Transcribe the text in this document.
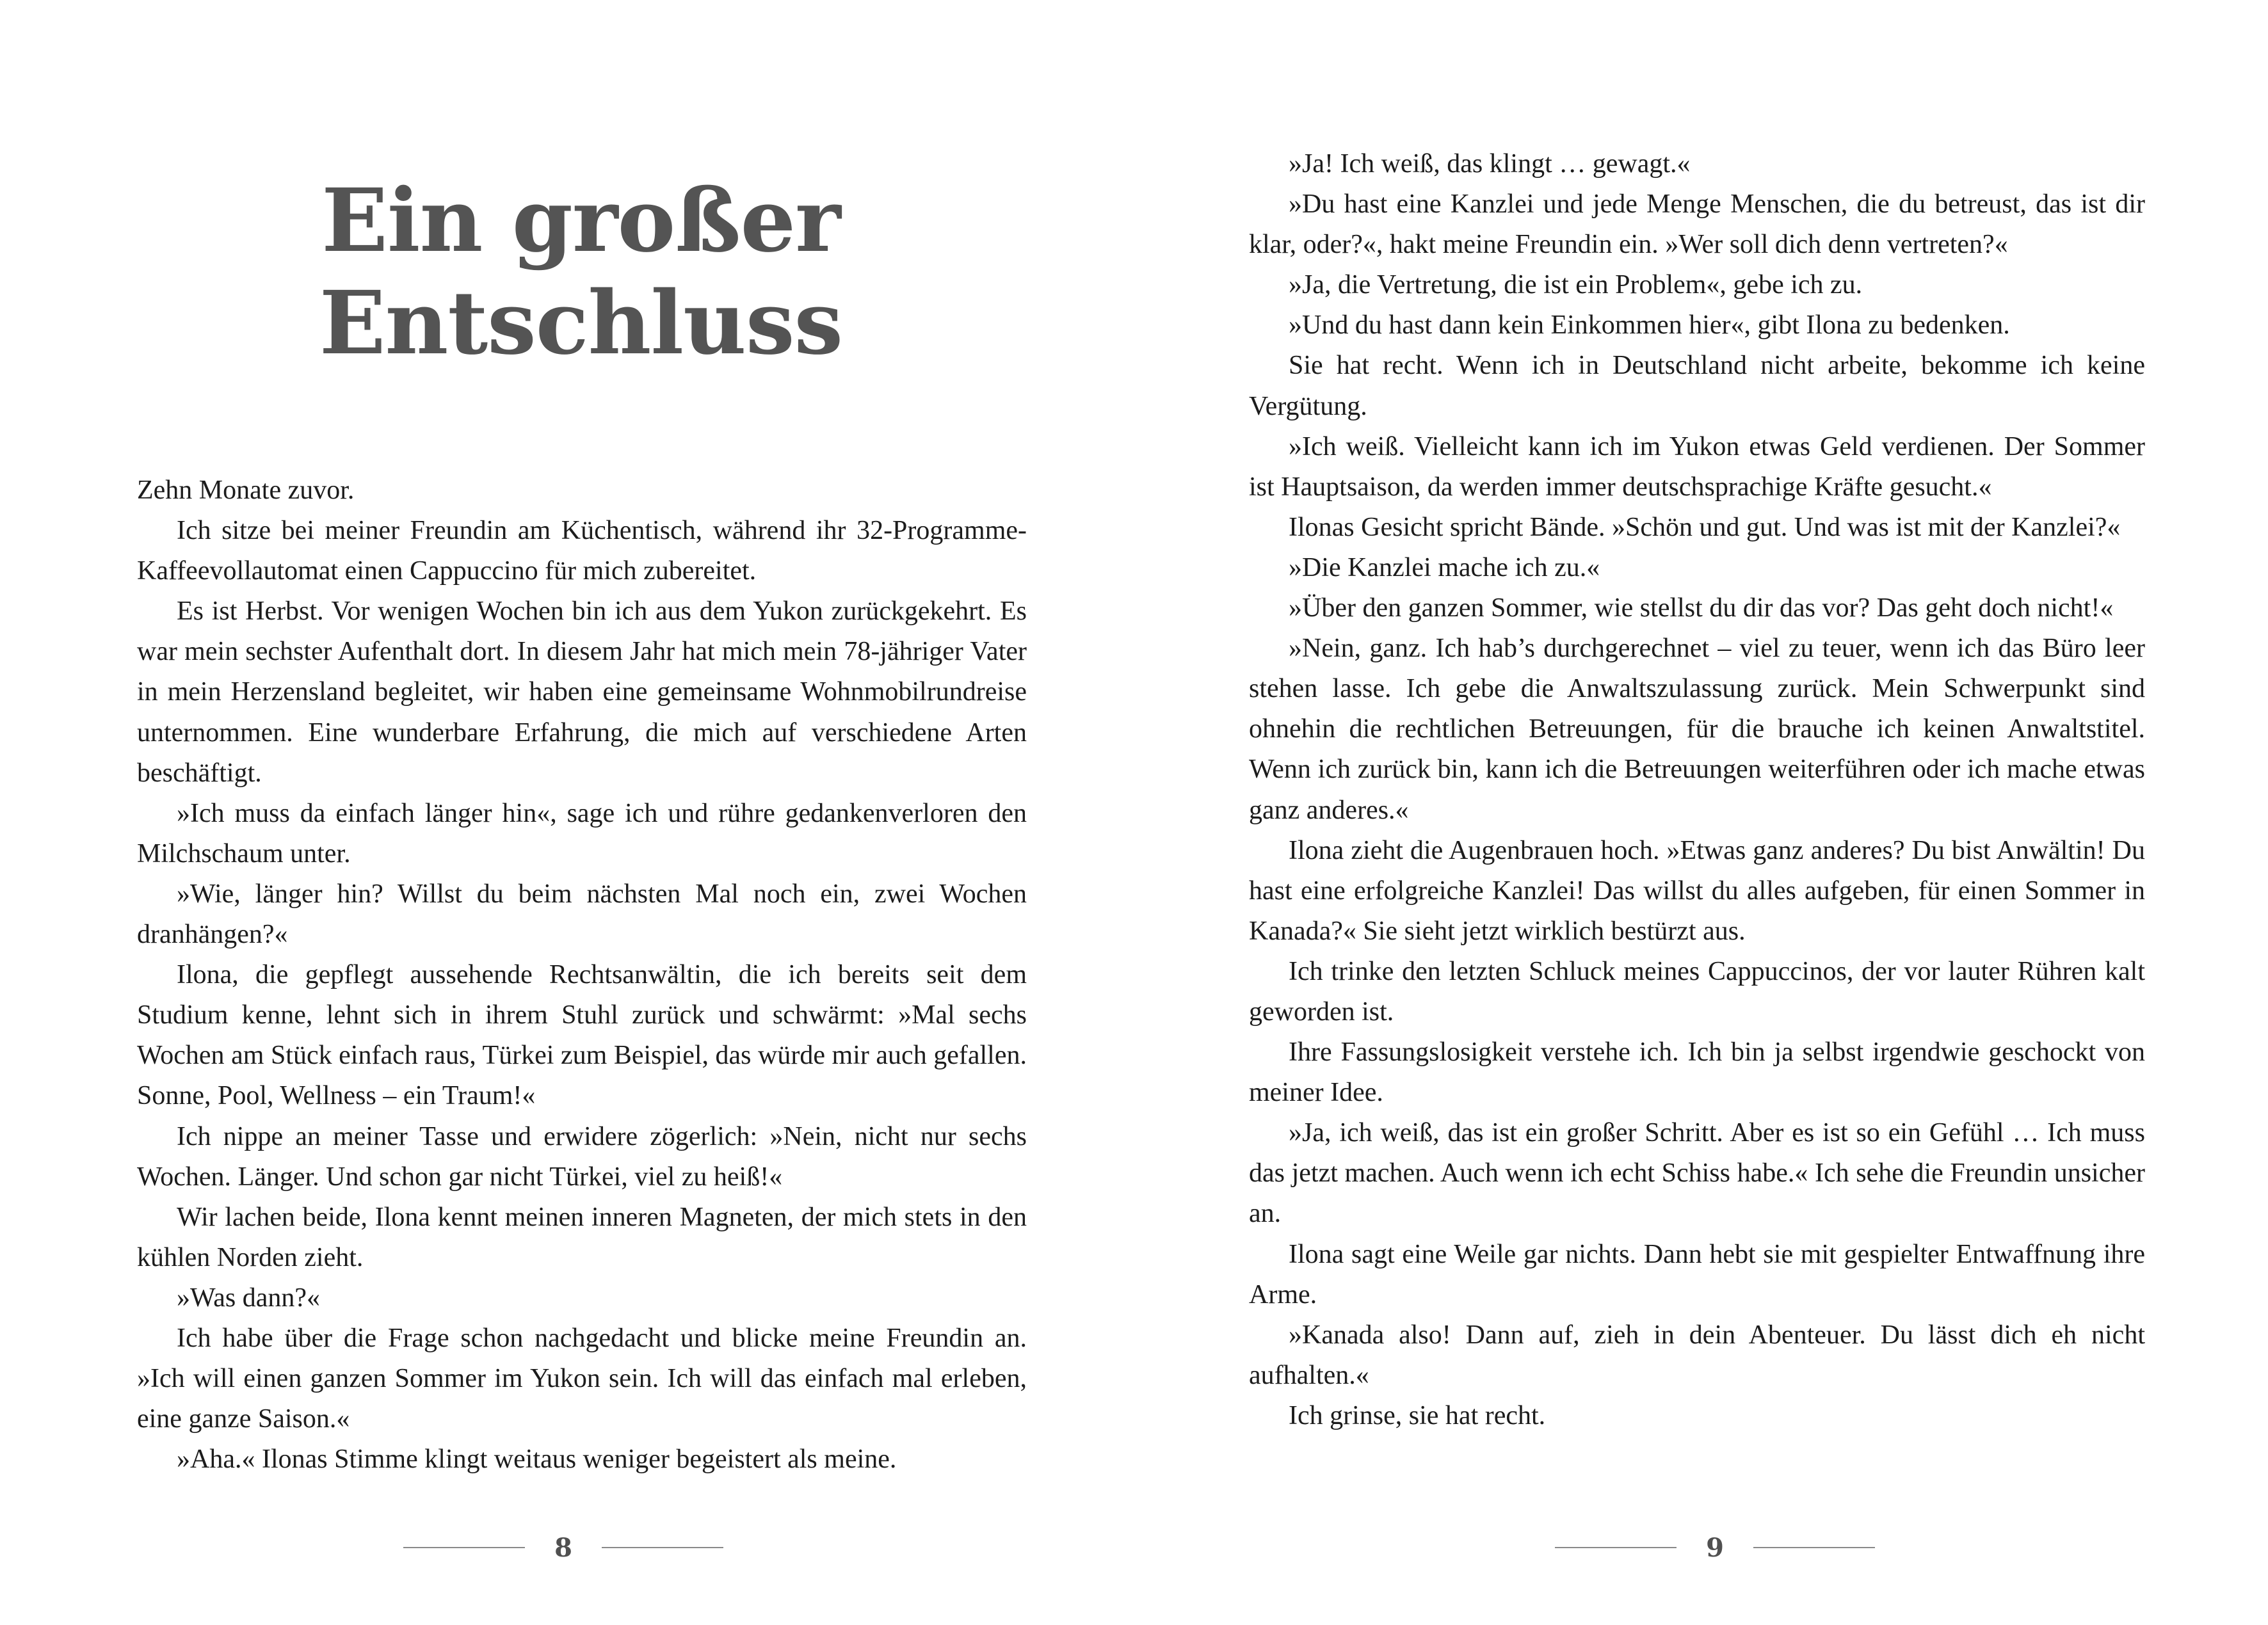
Ein großer
Entschluss

Zehn Monate zuvor.

Ich sitze bei meiner Freundin am Küchentisch, während ihr 32-Programme-Kaffeevollautomat einen Cappuccino für mich zubereitet.

Es ist Herbst. Vor wenigen Wochen bin ich aus dem Yukon zurückgekehrt. Es war mein sechster Aufenthalt dort. In diesem Jahr hat mich mein 78-jähriger Vater in mein Herzensland begleitet, wir haben eine gemeinsame Wohnmobilrundreise unternommen. Eine wunderbare Erfahrung, die mich auf verschiedene Arten beschäftigt.

»Ich muss da einfach länger hin«, sage ich und rühre gedankenverloren den Milchschaum unter.

»Wie, länger hin? Willst du beim nächsten Mal noch ein, zwei Wochen dranhängen?«

Ilona, die gepflegt aussehende Rechtsanwältin, die ich bereits seit dem Studium kenne, lehnt sich in ihrem Stuhl zurück und schwärmt: »Mal sechs Wochen am Stück einfach raus, Türkei zum Beispiel, das würde mir auch gefallen. Sonne, Pool, Wellness – ein Traum!«

Ich nippe an meiner Tasse und erwidere zögerlich: »Nein, nicht nur sechs Wochen. Länger. Und schon gar nicht Türkei, viel zu heiß!«

Wir lachen beide, Ilona kennt meinen inneren Magneten, der mich stets in den kühlen Norden zieht.

»Was dann?«

Ich habe über die Frage schon nachgedacht und blicke meine Freundin an. »Ich will einen ganzen Sommer im Yukon sein. Ich will das einfach mal erleben, eine ganze Saison.«

»Aha.« Ilonas Stimme klingt weitaus weniger begeistert als meine.

8

»Ja! Ich weiß, das klingt … gewagt.«

»Du hast eine Kanzlei und jede Menge Menschen, die du betreust, das ist dir klar, oder?«, hakt meine Freundin ein. »Wer soll dich denn vertreten?«

»Ja, die Vertretung, die ist ein Problem«, gebe ich zu.

»Und du hast dann kein Einkommen hier«, gibt Ilona zu bedenken.

Sie hat recht. Wenn ich in Deutschland nicht arbeite, bekomme ich keine Vergütung.

»Ich weiß. Vielleicht kann ich im Yukon etwas Geld verdienen. Der Sommer ist Hauptsaison, da werden immer deutschsprachige Kräfte gesucht.«

Ilonas Gesicht spricht Bände. »Schön und gut. Und was ist mit der Kanzlei?«

»Die Kanzlei mache ich zu.«

»Über den ganzen Sommer, wie stellst du dir das vor? Das geht doch nicht!«

»Nein, ganz. Ich hab’s durchgerechnet – viel zu teuer, wenn ich das Büro leer stehen lasse. Ich gebe die Anwaltszulassung zurück. Mein Schwerpunkt sind ohnehin die rechtlichen Betreuungen, für die brauche ich keinen Anwaltstitel. Wenn ich zurück bin, kann ich die Betreuungen weiterführen oder ich mache etwas ganz anderes.«

Ilona zieht die Augenbrauen hoch. »Etwas ganz anderes? Du bist Anwältin! Du hast eine erfolgreiche Kanzlei! Das willst du alles aufgeben, für einen Sommer in Kanada?« Sie sieht jetzt wirklich bestürzt aus.

Ich trinke den letzten Schluck meines Cappuccinos, der vor lauter Rühren kalt geworden ist.

Ihre Fassungslosigkeit verstehe ich. Ich bin ja selbst irgendwie geschockt von meiner Idee.

»Ja, ich weiß, das ist ein großer Schritt. Aber es ist so ein Gefühl … Ich muss das jetzt machen. Auch wenn ich echt Schiss habe.« Ich sehe die Freundin unsicher an.

Ilona sagt eine Weile gar nichts. Dann hebt sie mit gespielter Entwaffnung ihre Arme.

»Kanada also! Dann auf, zieh in dein Abenteuer. Du lässt dich eh nicht aufhalten.«

Ich grinse, sie hat recht.

9
